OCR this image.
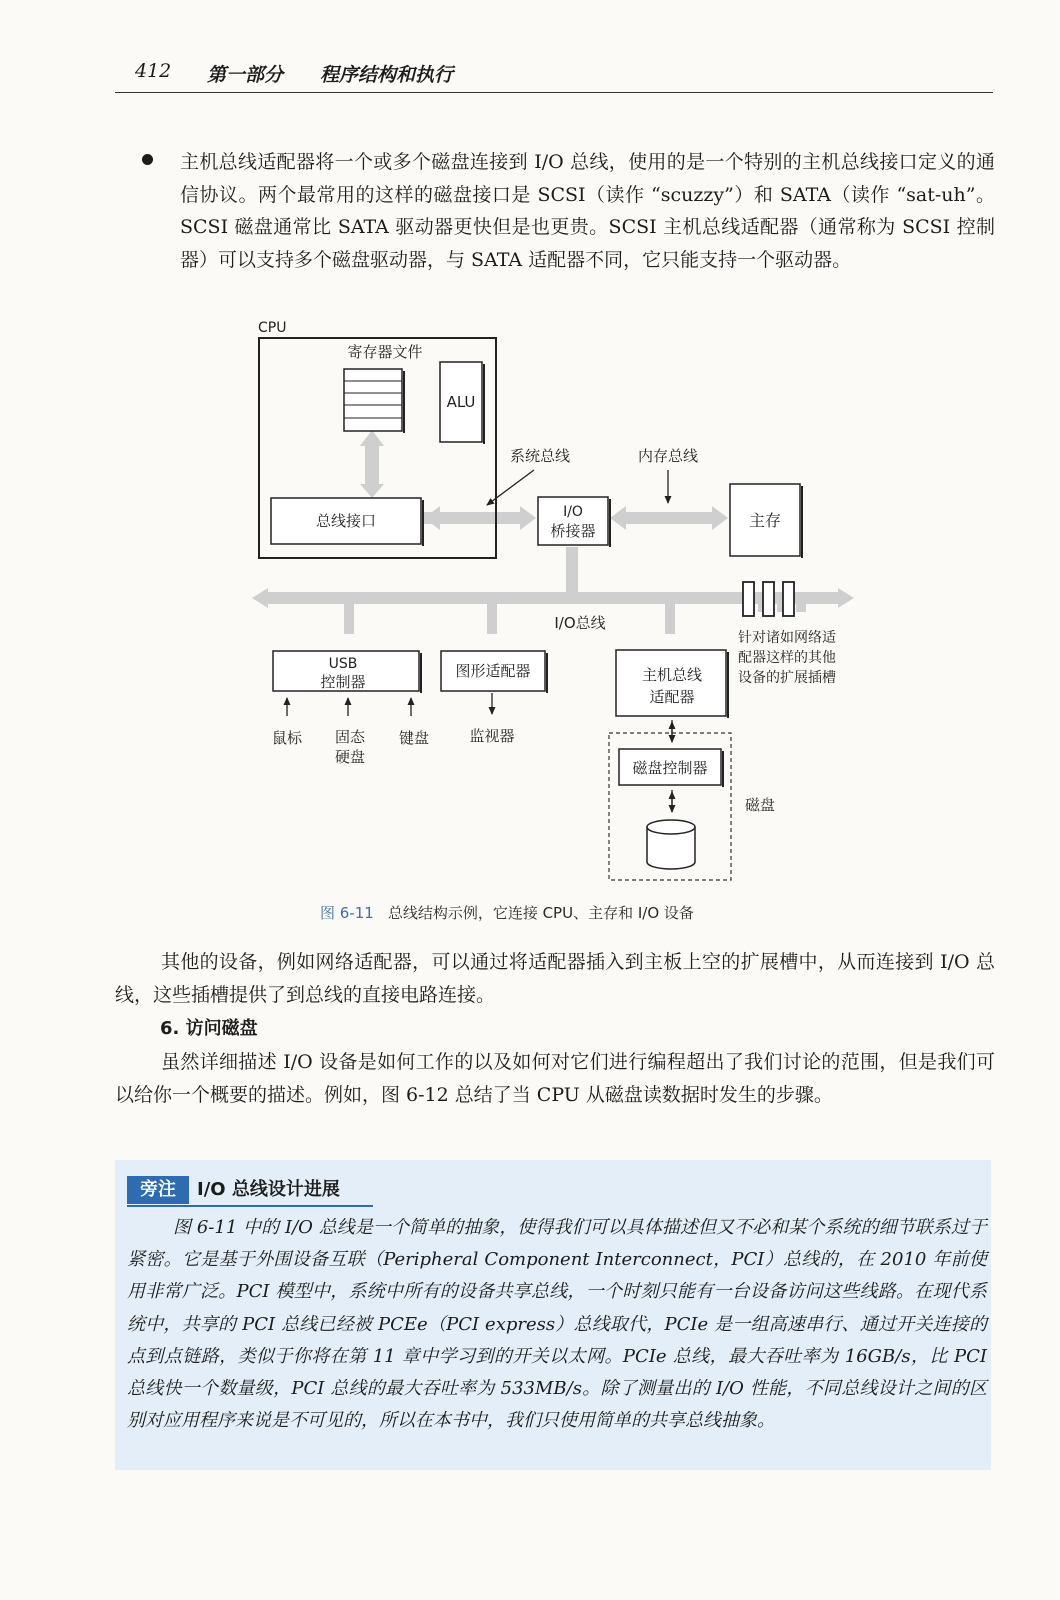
412 第一部分 程序结构和执行
主机总线适配器将一个或多个磁盘连接到 I/O 总线，使用的是一个特别的主机总线接口定义的通信协议。两个最常用的这样的磁盘接口是 SCSI（读作 “scuzzy”）和 SATA（读作 “sat-uh”。SCSI 磁盘通常比 SATA 驱动器更快但是也更贵。SCSI 主机总线适配器（通常称为 SCSI 控制器）可以支持多个磁盘驱动器，与 SATA 适配器不同，它只能支持一个驱动器。
CPU
寄存器文件
ALU
总线接口	I/O
桥接器
主存
系统总线	内存总线
I/O总线
针对诸如网络适
配器这样的其他
设备的扩展插槽
USB
控制器
鼠标 固态
硬盘
键盘
图形适配器
监视器
主机总线
适配器
磁盘控制器
磁盘
图 6-11 总线结构示例，它连接 CPU、主存和 I/O 设备
其他的设备，例如网络适配器，可以通过将适配器插入到主板上空的扩展槽中，从而连接到 I/O 总线，这些插槽提供了到总线的直接电路连接。
6. 访问磁盘
虽然详细描述 I/O 设备是如何工作的以及如何对它们进行编程超出了我们讨论的范围，但是我们可以给你一个概要的描述。例如，图 6-12 总结了当 CPU 从磁盘读数据时发生的步骤。
旁注	I/O 总线设计进展
图 6-11 中的 I/O 总线是一个简单的抽象，使得我们可以具体描述但又不必和某个系统的细节联系过于紧密。它是基于外围设备互联（Peripheral Component Interconnect，PCI）总线的，在 2010 年前使用非常广泛。PCI 模型中，系统中所有的设备共享总线，一个时刻只能有一台设备访问这些线路。在现代系统中，共享的 PCI 总线已经被 PCEe（PCI express）总线取代，PCIe 是一组高速串行、通过开关连接的点到点链路，类似于你将在第 11 章中学习到的开关以太网。PCIe 总线，最大吞吐率为 16GB/s，比 PCI 总线快一个数量级，PCI 总线的最大吞吐率为 533MB/s。除了测量出的 I/O 性能，不同总线设计之间的区别对应用程序来说是不可见的，所以在本书中，我们只使用简单的共享总线抽象。
